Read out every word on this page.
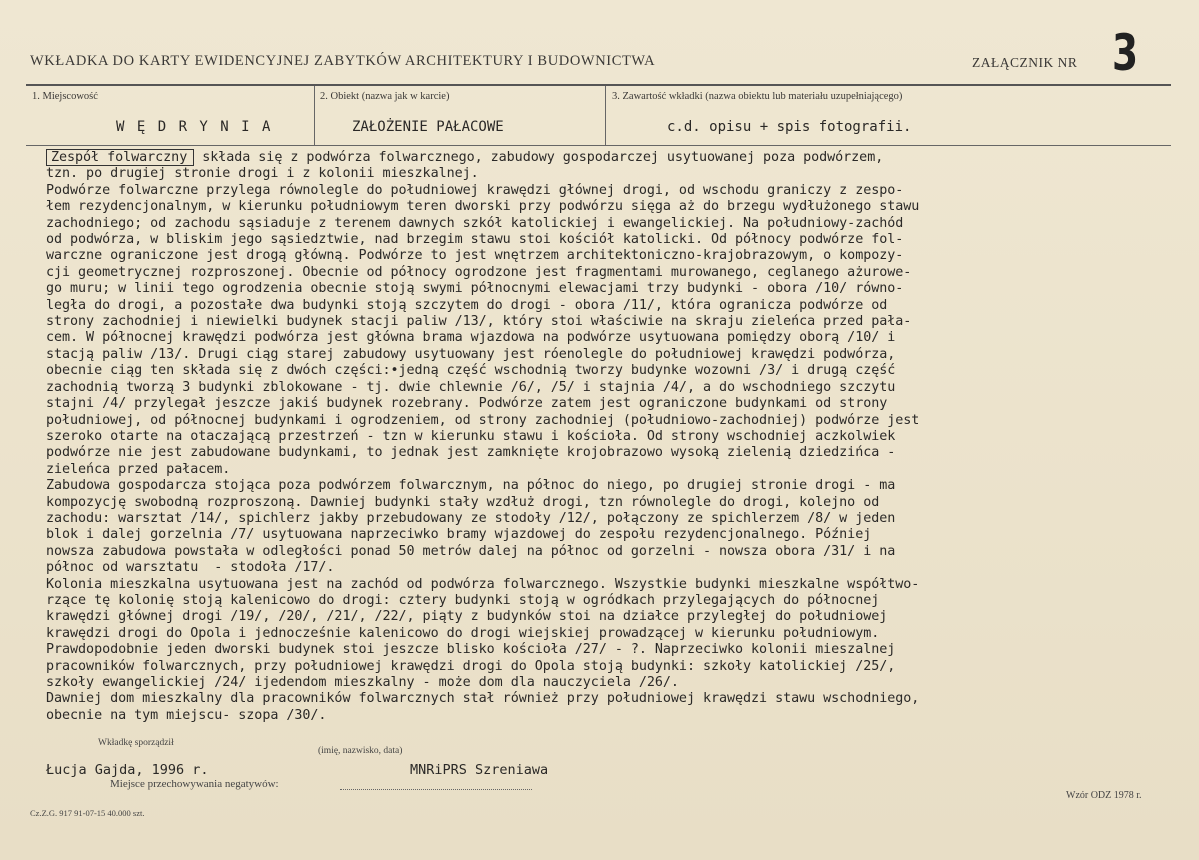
WKŁADKA DO KARTY EWIDENCYJNEJ ZABYTKÓW ARCHITEKTURY I BUDOWNICTWA	ZAŁĄCZNIK NR 3
1. Miejscowość	2. Obiekt (nazwa jak w karcie)	3. Zawartość wkładki (nazwa obiektu lub materiału uzupełniającego)
W Ę D R Y N I A	ZAŁOŻENIE PAŁACOWE	c.d. opisu + spis fotografii.
Zespół folwarczny składa się z podwórza folwarcznego, zabudowy gospodarczej usytuowanej poza podwórzem,
tzn. po drugiej stronie drogi i z kolonii mieszkalnej.
Podwórze folwarczne przylega równolegle do południowej krawędzi głównej drogi, od wschodu graniczy z zespo-
łem rezydencjonalnym, w kierunku południowym teren dworski przy podwórzu sięga aż do brzegu wydłużonego stawu
zachodniego; od zachodu sąsiaduje z terenem dawnych szkół katolickiej i ewangelickiej. Na południowy-zachód
od podwórza, w bliskim jego sąsiedztwie, nad brzegim stawu stoi kościół katolicki. Od północy podwórze fol-
warczne ograniczone jest drogą główną. Podwórze to jest wnętrzem architektoniczno-krajobrazowym, o kompozy-
cji geometrycznej rozproszonej. Obecnie od północy ogrodzone jest fragmentami murowanego, ceglanego ażurowe-
go muru; w linii tego ogrodzenia obecnie stoją swymi północnymi elewacjami trzy budynki - obora /10/ równo-
legła do drogi, a pozostałe dwa budynki stoją szczytem do drogi - obora /11/, która ogranicza podwórze od
strony zachodniej i niewielki budynek stacji paliw /13/, który stoi właściwie na skraju zieleńca przed pała-
cem. W północnej krawędzi podwórza jest główna brama wjazdowa na podwórze usytuowana pomiędzy oborą /10/ i
stacją paliw /13/. Drugi ciąg starej zabudowy usytuowany jest róenolegle do południowej krawędzi podwórza,
obecnie ciąg ten składa się z dwóch części:•jedną część wschodnią tworzy budynke wozowni /3/ i drugą część
zachodnią tworzą 3 budynki zblokowane - tj. dwie chlewnie /6/, /5/ i stajnia /4/, a do wschodniego szczytu
stajni /4/ przylegał jeszcze jakiś budynek rozebrany. Podwórze zatem jest ograniczone budynkami od strony
południowej, od północnej budynkami i ogrodzeniem, od strony zachodniej (południowo-zachodniej) podwórze jest
szeroko otarte na otaczającą przestrzeń - tzn w kierunku stawu i kościoła. Od strony wschodniej aczkolwiek
podwórze nie jest zabudowane budynkami, to jednak jest zamknięte krojobrazowo wysoką zielenią dziedzińca -
zieleńca przed pałacem.
Zabudowa gospodarcza stojąca poza podwórzem folwarcznym, na północ do niego, po drugiej stronie drogi - ma
kompozycję swobodną rozproszoną. Dawniej budynki stały wzdłuż drogi, tzn równolegle do drogi, kolejno od
zachodu: warsztat /14/, spichlerz jakby przebudowany ze stodoły /12/, połączony ze spichlerzem /8/ w jeden
blok i dalej gorzelnia /7/ usytuowana naprzeciwko bramy wjazdowej do zespołu rezydencjonalnego. Później
nowsza zabudowa powstała w odległości ponad 50 metrów dalej na północ od gorzelni - nowsza obora /31/ i na
północ od warsztatu  - stodoła /17/.
Kolonia mieszkalna usytuowana jest na zachód od podwórza folwarcznego. Wszystkie budynki mieszkalne współtwo-
rzące tę kolonię stoją kalenicowo do drogi: cztery budynki stoją w ogródkach przylegających do północnej
krawędzi głównej drogi /19/, /20/, /21/, /22/, piąty z budynków stoi na działce przyległej do południowej
krawędzi drogi do Opola i jednocześnie kalenicowo do drogi wiejskiej prowadzącej w kierunku południowym.
Prawdopodobnie jeden dworski budynek stoi jeszcze blisko kościoła /27/ - ?. Naprzeciwko kolonii mieszalnej
pracowników folwarcznych, przy południowej krawędzi drogi do Opola stoją budynki: szkoły katolickiej /25/,
szkoły ewangelickiej /24/ ijedendom mieszkalny - może dom dla nauczyciela /26/.
Dawniej dom mieszkalny dla pracowników folwarcznych stał również przy południowej krawędzi stawu wschodniego,
obecnie na tym miejscu- szopa /30/.
Wkładkę sporządził
(imię, nazwisko, data)
Łucja Gajda, 1996 r.	MNRiPRS Szreniawa
Miejsce przechowywania negatywów:
Cz.Z.G. 917 91-07-15 40.000 szt.
Wzór ODZ 1978 r.
